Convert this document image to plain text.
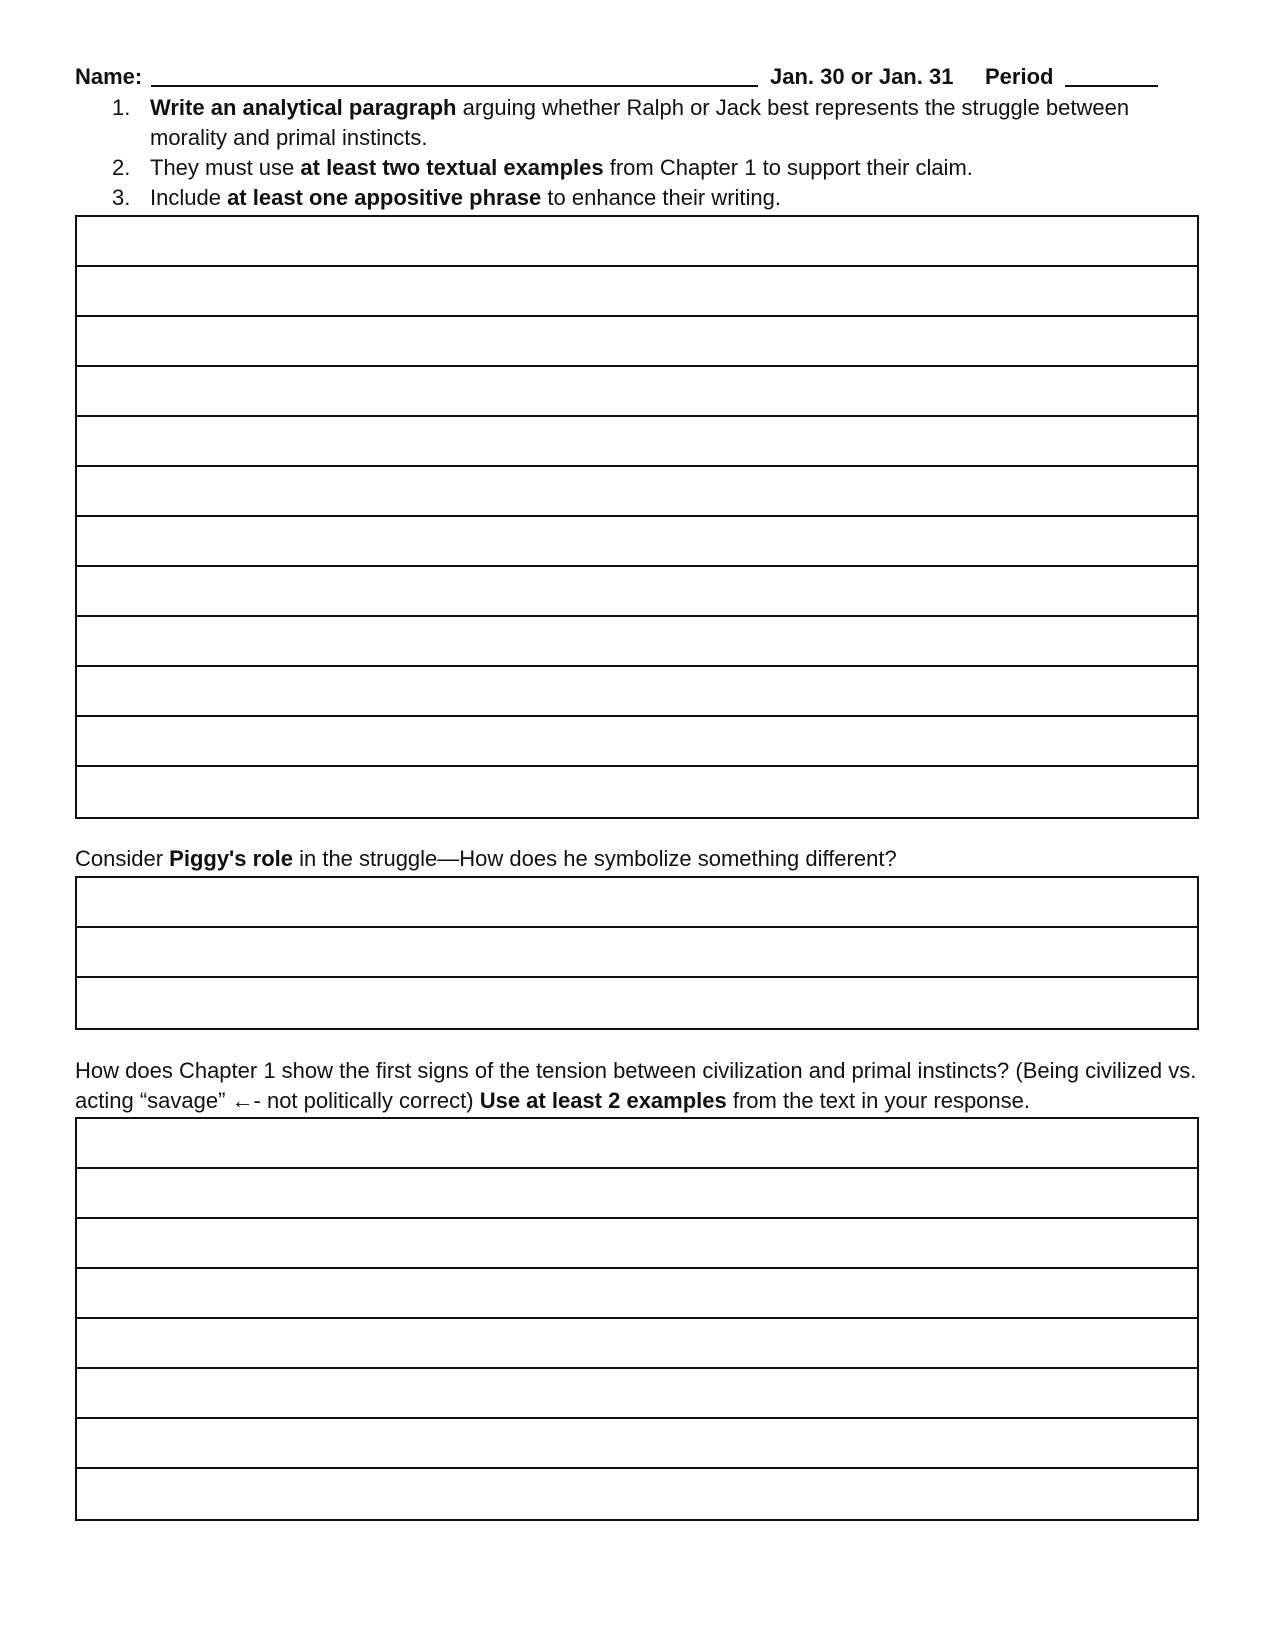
Name:	Jan. 30 or Jan. 31 Period
1. Write an analytical paragraph arguing whether Ralph or Jack best represents the struggle between morality and primal instincts.
2. They must use at least two textual examples from Chapter 1 to support their claim.
3. Include at least one appositive phrase to enhance their writing.
Consider Piggy's role in the struggle—How does he symbolize something different?
How does Chapter 1 show the first signs of the tension between civilization and primal instincts? (Being civilized vs. acting “savage” ←- not politically correct) Use at least 2 examples from the text in your response.
